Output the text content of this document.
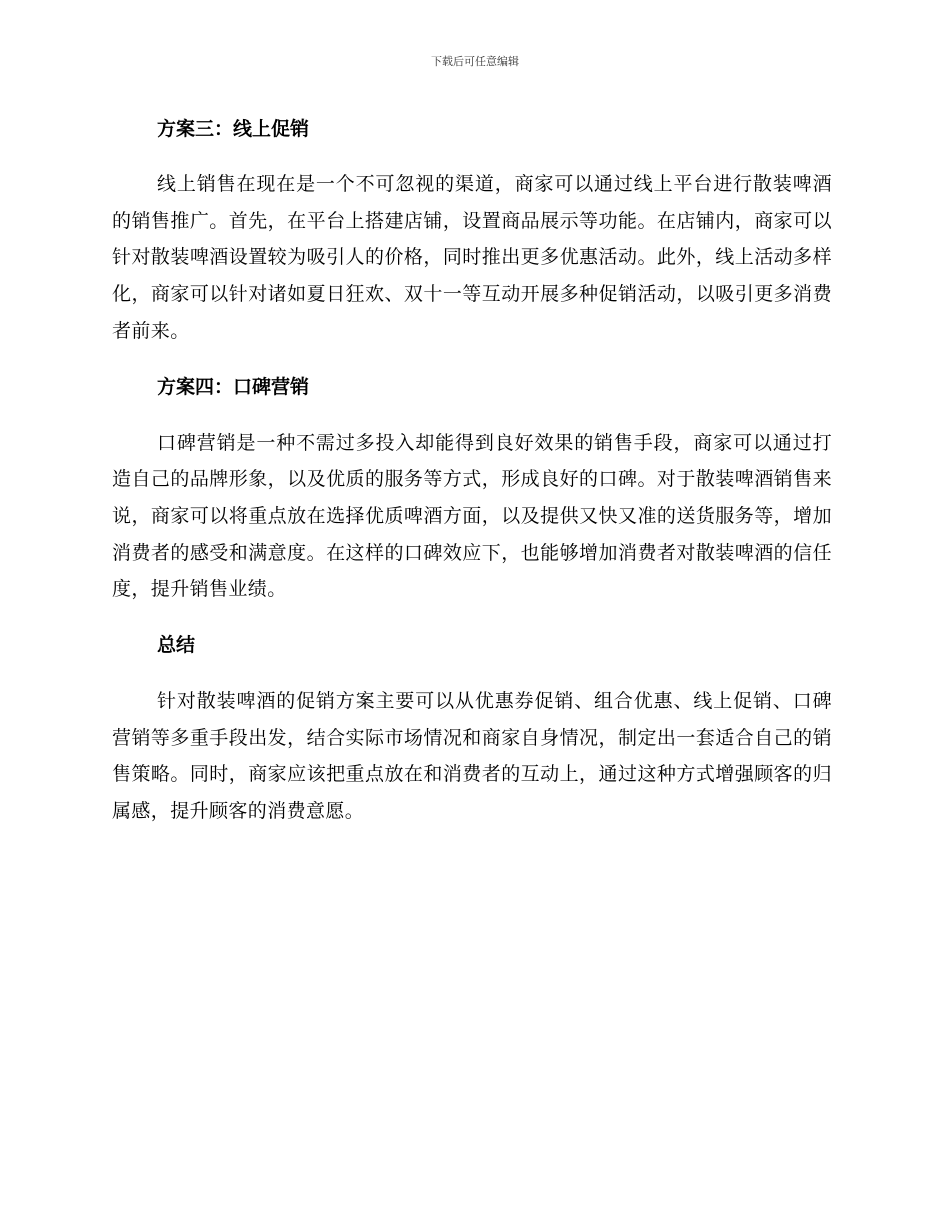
下载后可任意编辑
方案三：线上促销

线上销售在现在是一个不可忽视的渠道，商家可以通过线上平台进行散装啤酒的销售推广。首先，在平台上搭建店铺，设置商品展示等功能。在店铺内，商家可以针对散装啤酒设置较为吸引人的价格，同时推出更多优惠活动。此外，线上活动多样化，商家可以针对诸如夏日狂欢、双十一等互动开展多种促销活动，以吸引更多消费者前来。

方案四：口碑营销

口碑营销是一种不需过多投入却能得到良好效果的销售手段，商家可以通过打造自己的品牌形象，以及优质的服务等方式，形成良好的口碑。对于散装啤酒销售来说，商家可以将重点放在选择优质啤酒方面，以及提供又快又准的送货服务等，增加消费者的感受和满意度。在这样的口碑效应下，也能够增加消费者对散装啤酒的信任度，提升销售业绩。

总结

针对散装啤酒的促销方案主要可以从优惠券促销、组合优惠、线上促销、口碑营销等多重手段出发，结合实际市场情况和商家自身情况，制定出一套适合自己的销售策略。同时，商家应该把重点放在和消费者的互动上，通过这种方式增强顾客的归属感，提升顾客的消费意愿。
